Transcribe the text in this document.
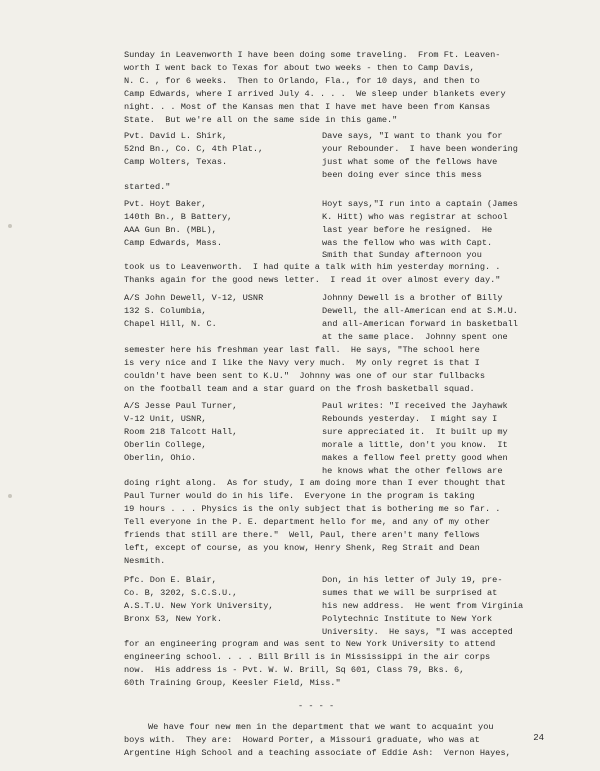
Sunday in Leavenworth I have been doing some traveling.  From Ft. Leaven-
worth I went back to Texas for about two weeks - then to Camp Davis,
N. C. , for 6 weeks.  Then to Orlando, Fla., for 10 days, and then to
Camp Edwards, where I arrived July 4. . . .  We sleep under blankets every
night. . . Most of the Kansas men that I have met have been from Kansas
State.  But we're all on the same side in this game."
Pvt. David L. Shirk,
52nd Bn., Co. C, 4th Plat.,
Camp Wolters, Texas.
Dave says, "I want to thank you for
your Rebounder.  I have been wondering
just what some of the fellows have
been doing ever since this mess
started."
Pvt. Hoyt Baker,
140th Bn., B Battery,
AAA Gun Bn. (MBL),
Camp Edwards, Mass.
Hoyt says,"I run into a captain (James
K. Hitt) who was registrar at school
last year before he resigned.  He
was the fellow who was with Capt.
Smith that Sunday afternoon you
took us to Leavenworth.  I had quite a talk with him yesterday morning. .
Thanks again for the good news letter.  I read it over almost every day."
A/S John Dewell, V-12, USNR
132 S. Columbia,
Chapel Hill, N. C.
Johnny Dewell is a brother of Billy
Dewell, the all-American end at S.M.U.
and all-American forward in basketball
at the same place.  Johnny spent one
semester here his freshman year last fall.  He says, "The school here
is very nice and I like the Navy very much.  My only regret is that I
couldn't have been sent to K.U."  Johnny was one of our star fullbacks
on the football team and a star guard on the frosh basketball squad.
A/S Jesse Paul Turner,
V-12 Unit, USNR,
Room 218 Talcott Hall,
Oberlin College,
Oberlin, Ohio.
Paul writes: "I received the Jayhawk
Rebounds yesterday.  I might say I
sure appreciated it.  It built up my
morale a little, don't you know.  It
makes a fellow feel pretty good when
he knows what the other fellows are
doing right along.  As for study, I am doing more than I ever thought that
Paul Turner would do in his life.  Everyone in the program is taking
19 hours . . . Physics is the only subject that is bothering me so far. .
Tell everyone in the P. E. department hello for me, and any of my other
friends that still are there."  Well, Paul, there aren't many fellows
left, except of course, as you know, Henry Shenk, Reg Strait and Dean
Nesmith.
Pfc. Don E. Blair,
Co. B, 3202, S.C.S.U.,
A.S.T.U. New York University,
Bronx 53, New York.
Don, in his letter of July 19, pre-
sumes that we will be surprised at
his new address.  He went from Virginia
Polytechnic Institute to New York
University.  He says, "I was accepted
for an engineering program and was sent to New York University to attend
engineering school. . . . Bill Brill is in Mississippi in the air corps
now.  His address is - Pvt. W. W. Brill, Sq 601, Class 79, Bks. 6,
60th Training Group, Keesler Field, Miss."
- - - -
We have four new men in the department that we want to acquaint you
boys with.  They are:  Howard Porter, a Missouri graduate, who was at
Argentine High School and a teaching associate of Eddie Ash:  Vernon Hayes,
24
